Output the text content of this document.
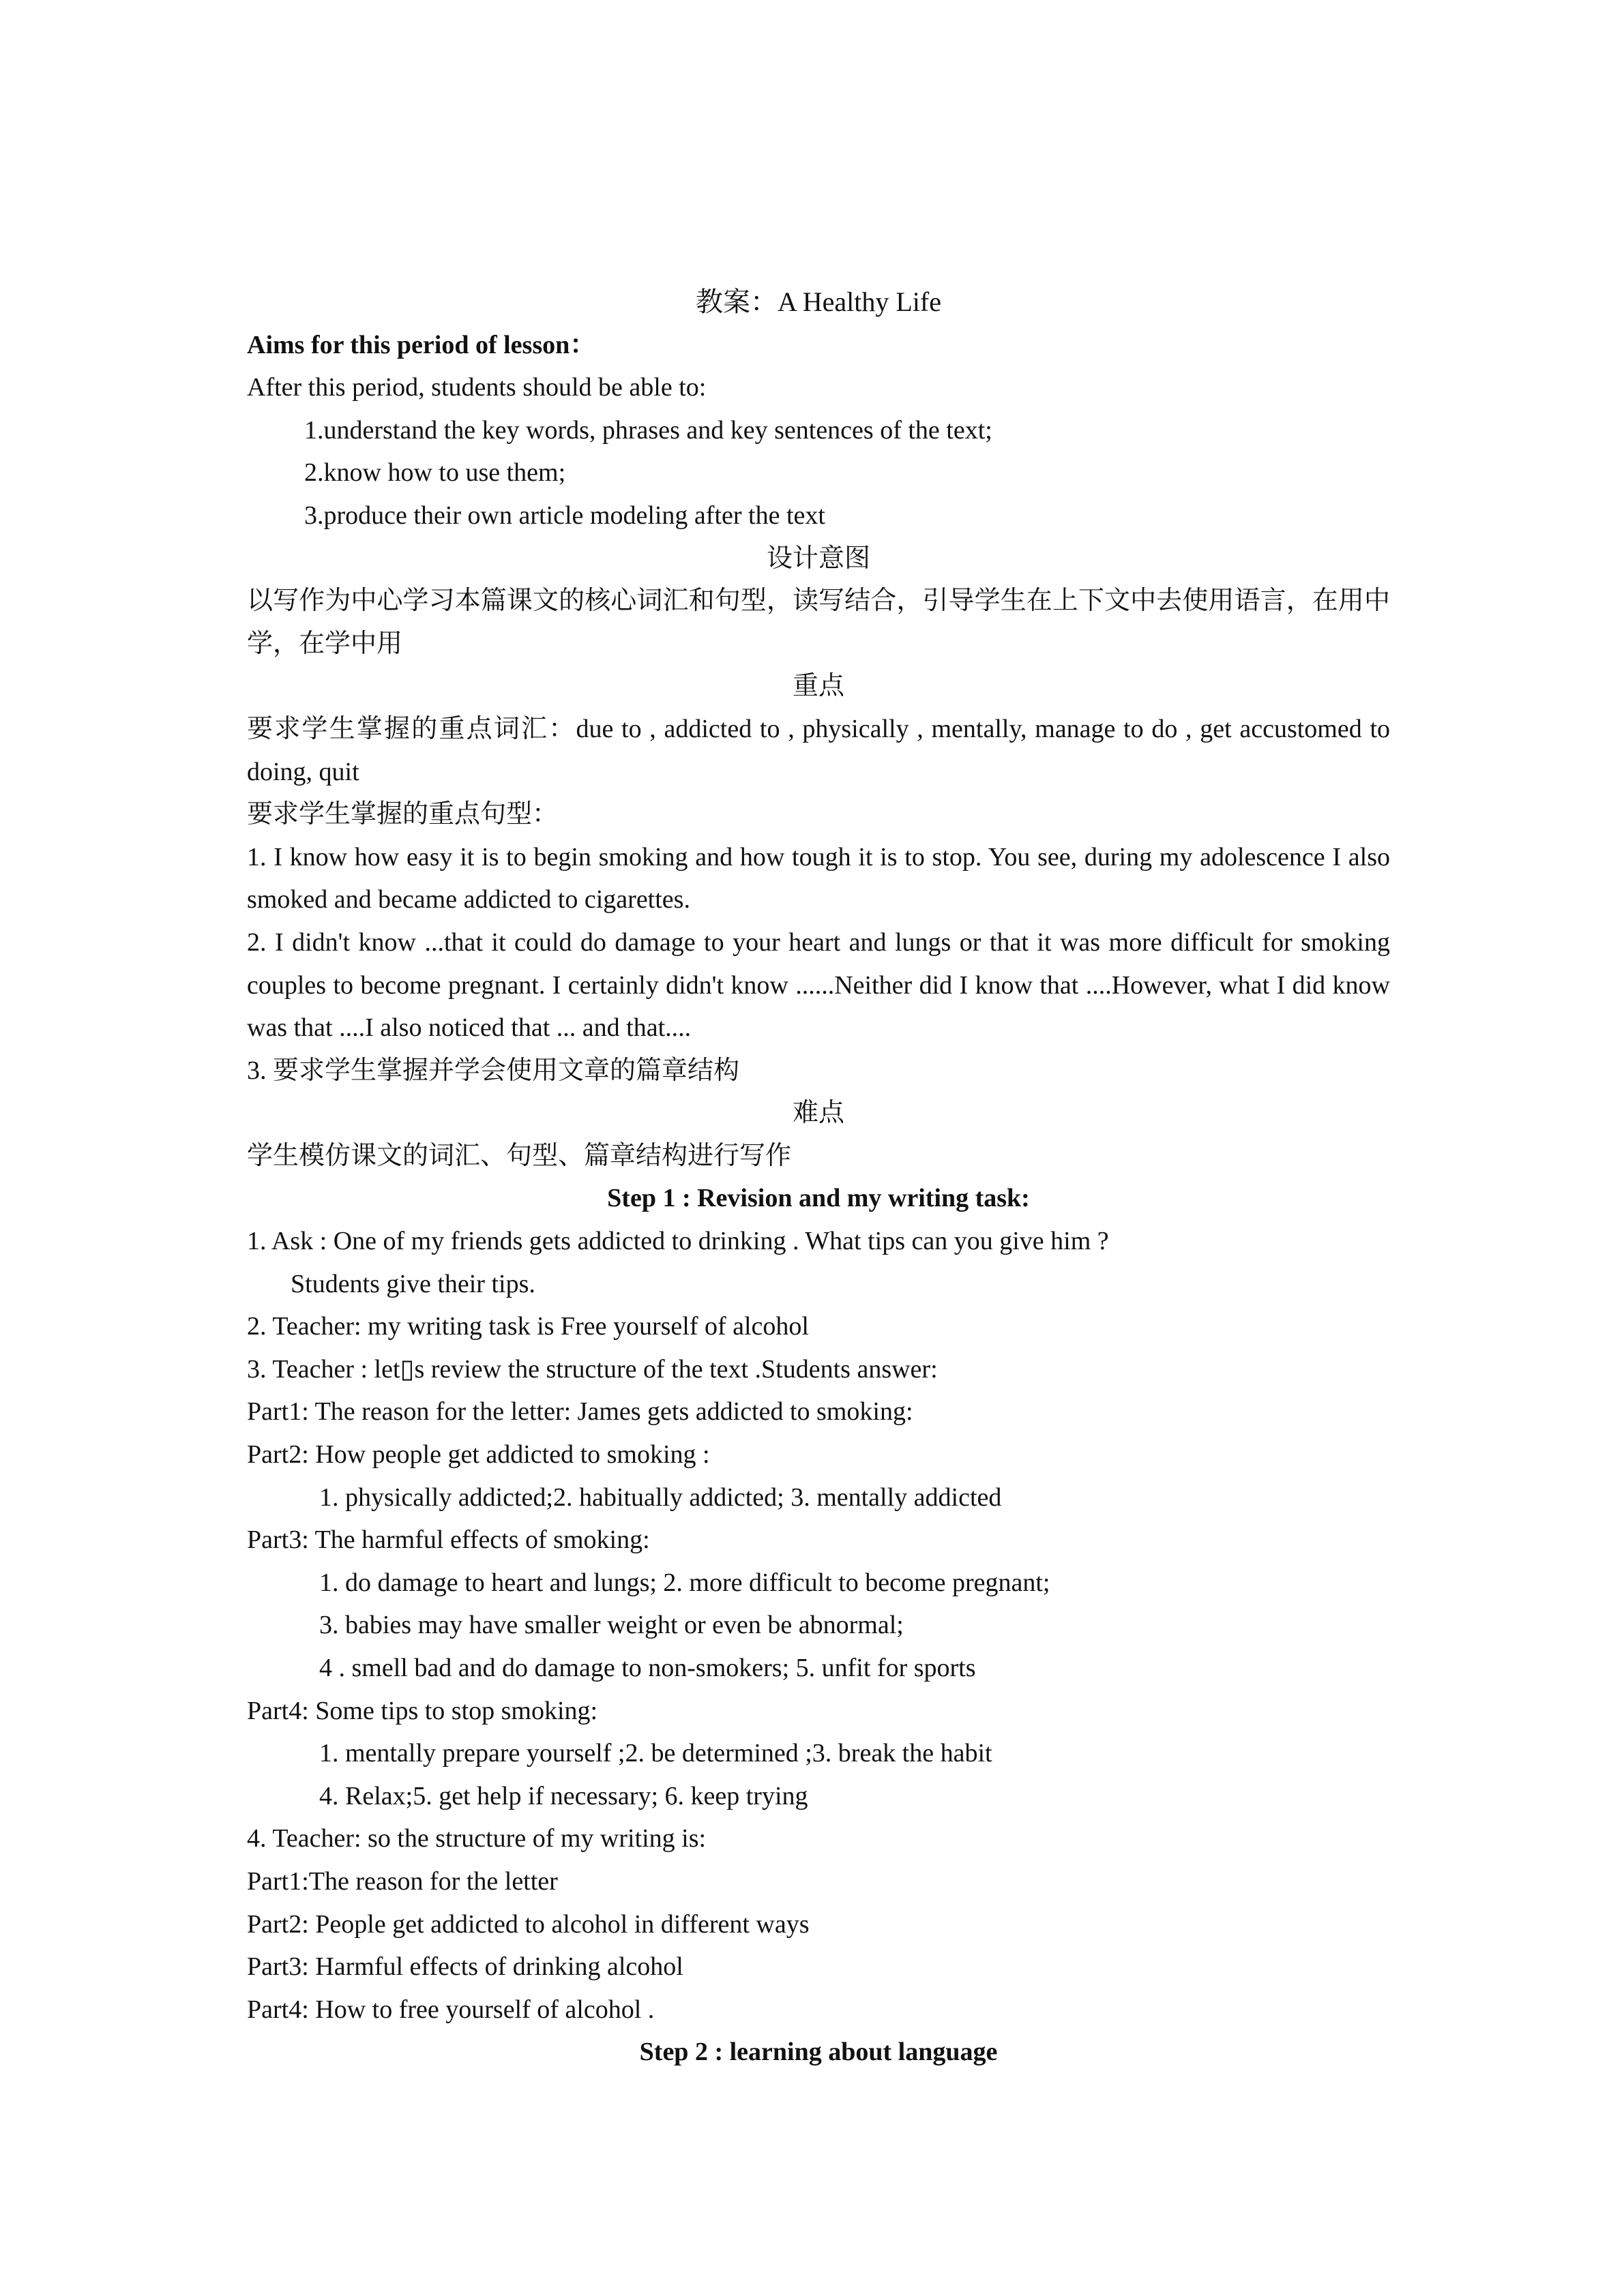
教案：A Healthy Life

Aims for this period of lesson：

After this period, students should be able to:

1.understand the key words, phrases and key sentences of the text;

2.know how to use them;

3.produce their own article modeling after the text

设计意图

以写作为中心学习本篇课文的核心词汇和句型，读写结合，引导学生在上下文中去使用语言，在用中学，在学中用

重点

要求学生掌握的重点词汇：due to , addicted to , physically , mentally, manage to do , get accustomed to doing, quit

要求学生掌握的重点句型：

1. I know how easy it is to begin smoking and how tough it is to stop. You see, during my adolescence I also smoked and became addicted to cigarettes.

2. I didn't know ...that it could do damage to your heart and lungs or that it was more difficult for smoking couples to become pregnant. I certainly didn't know ......Neither did I know that ....However, what I did know was that ....I also noticed that ... and that....

3. 要求学生掌握并学会使用文章的篇章结构

难点

学生模仿课文的词汇、句型、篇章结构进行写作

Step 1 : Revision and my writing task:

1. Ask : One of my friends gets addicted to drinking . What tips can you give him ?

Students give their tips.

2. Teacher: my writing task is Free yourself of alcohol

3. Teacher : let▯s review the structure of the text .Students answer:

Part1: The reason for the letter: James gets addicted to smoking:

Part2: How people get addicted to smoking :

1. physically addicted;2. habitually addicted; 3. mentally addicted

Part3: The harmful effects of smoking:

1. do damage to heart and lungs; 2. more difficult to become pregnant;

3. babies may have smaller weight or even be abnormal;

4 . smell bad and do damage to non-smokers; 5. unfit for sports

Part4: Some tips to stop smoking:

1. mentally prepare yourself ;2. be determined ;3. break the habit

4. Relax;5. get help if necessary; 6. keep trying

4. Teacher: so the structure of my writing is:

Part1:The reason for the letter

Part2: People get addicted to alcohol in different ways

Part3: Harmful effects of drinking alcohol

Part4: How to free yourself of alcohol .

Step 2 : learning about language
